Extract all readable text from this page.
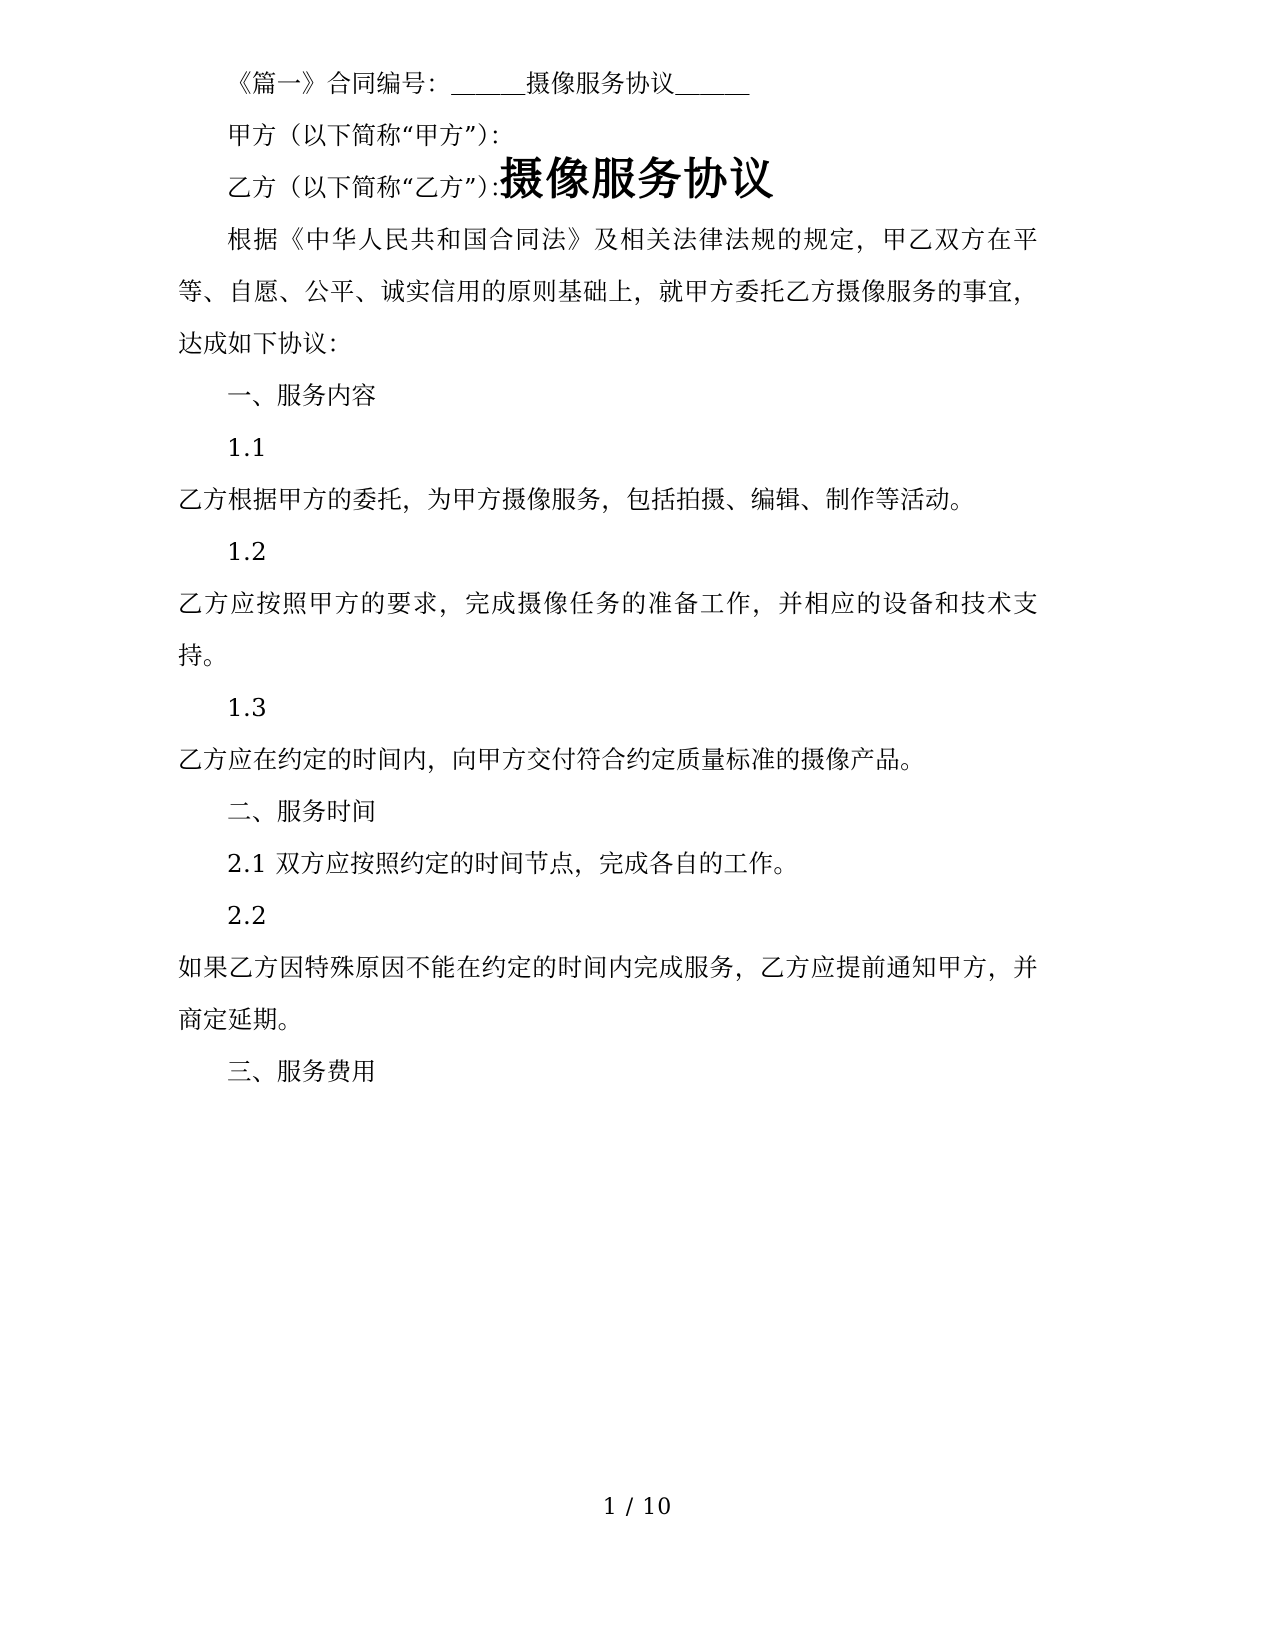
摄像服务协议

《篇一》合同编号：＿＿＿摄像服务协议＿＿＿

甲方（以下简称“甲方”）：

乙方（以下简称“乙方”）：

根据《中华人民共和国合同法》及相关法律法规的规定，甲乙双方在平等、自愿、公平、诚实信用的原则基础上，就甲方委托乙方摄像服务的事宜，达成如下协议：

一、服务内容

1.1

乙方根据甲方的委托，为甲方摄像服务，包括拍摄、编辑、制作等活动。

1.2

乙方应按照甲方的要求，完成摄像任务的准备工作，并相应的设备和技术支持。

1.3

乙方应在约定的时间内，向甲方交付符合约定质量标准的摄像产品。

二、服务时间

2.1 双方应按照约定的时间节点，完成各自的工作。

2.2

如果乙方因特殊原因不能在约定的时间内完成服务，乙方应提前通知甲方，并商定延期。

三、服务费用

1 / 10
